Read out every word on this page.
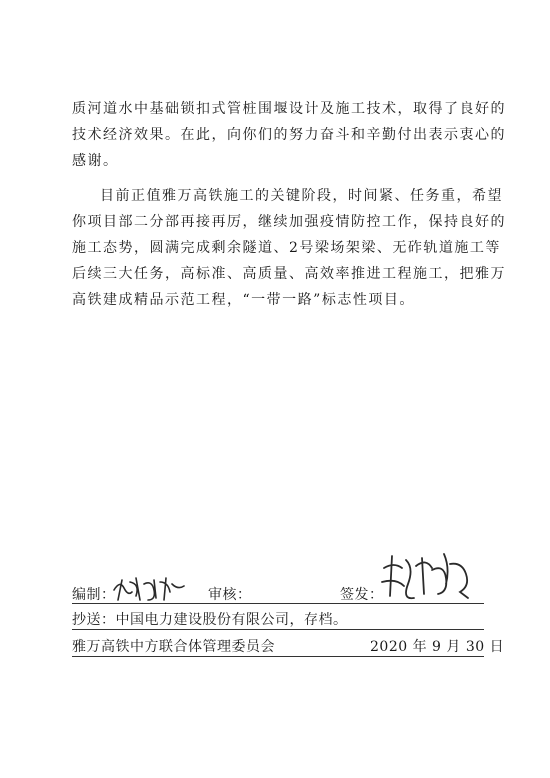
质河道水中基础锁扣式管桩围堰设计及施工技术，取得了良好的
技术经济效果。在此，向你们的努力奋斗和辛勤付出表示衷心的
感谢。

目前正值雅万高铁施工的关键阶段，时间紧、任务重，希望
你项目部二分部再接再厉，继续加强疫情防控工作，保持良好的
施工态势，圆满完成剩余隧道、2号梁场架梁、无砟轨道施工等
后续三大任务，高标准、高质量、高效率推进工程施工，把雅万
高铁建成精品示范工程，“一带一路”标志性项目。

编制：	审核：	签发：
抄送：中国电力建设股份有限公司，存档。
雅万高铁中方联合体管理委员会	2020 年 9 月 30 日
